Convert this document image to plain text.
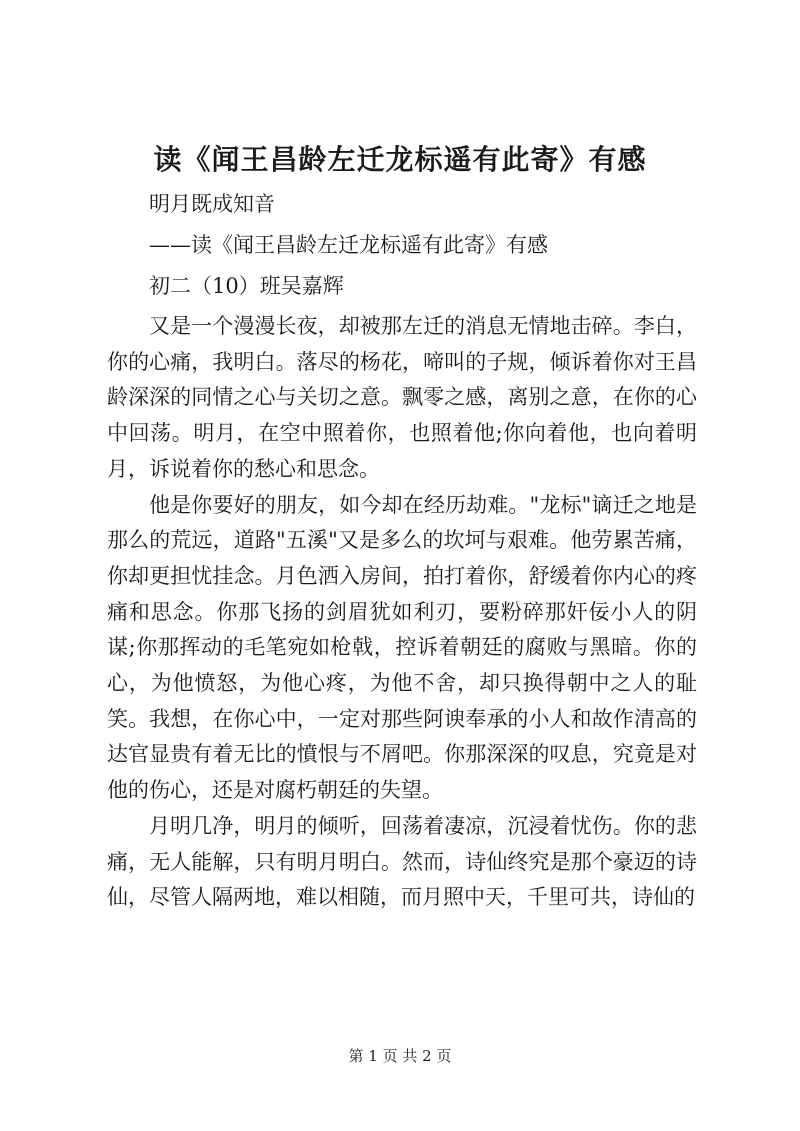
读《闻王昌龄左迁龙标遥有此寄》有感
明月既成知音
——读《闻王昌龄左迁龙标遥有此寄》有感
初二（10）班吴嘉辉

又是一个漫漫长夜，却被那左迁的消息无情地击碎。李白，你的心痛，我明白。落尽的杨花，啼叫的子规，倾诉着你对王昌龄深深的同情之心与关切之意。飘零之感，离别之意，在你的心中回荡。明月，在空中照着你，也照着他;你向着他，也向着明月，诉说着你的愁心和思念。

他是你要好的朋友，如今却在经历劫难。"龙标"谪迁之地是那么的荒远，道路"五溪"又是多么的坎坷与艰难。他劳累苦痛，你却更担忧挂念。月色洒入房间，拍打着你，舒缓着你内心的疼痛和思念。你那飞扬的剑眉犹如利刃，要粉碎那奸佞小人的阴谋;你那挥动的毛笔宛如枪戟，控诉着朝廷的腐败与黑暗。你的心，为他愤怒，为他心疼，为他不舍，却只换得朝中之人的耻笑。我想，在你心中，一定对那些阿谀奉承的小人和故作清高的达官显贵有着无比的憤恨与不屑吧。你那深深的叹息，究竟是对他的伤心，还是对腐朽朝廷的失望。

月明几净，明月的倾听，回荡着凄凉，沉浸着忧伤。你的悲痛，无人能解，只有明月明白。然而，诗仙终究是那个豪迈的诗仙，尽管人隔两地，难以相随，而月照中天，千里可共，诗仙的

第 1 页 共 2 页
